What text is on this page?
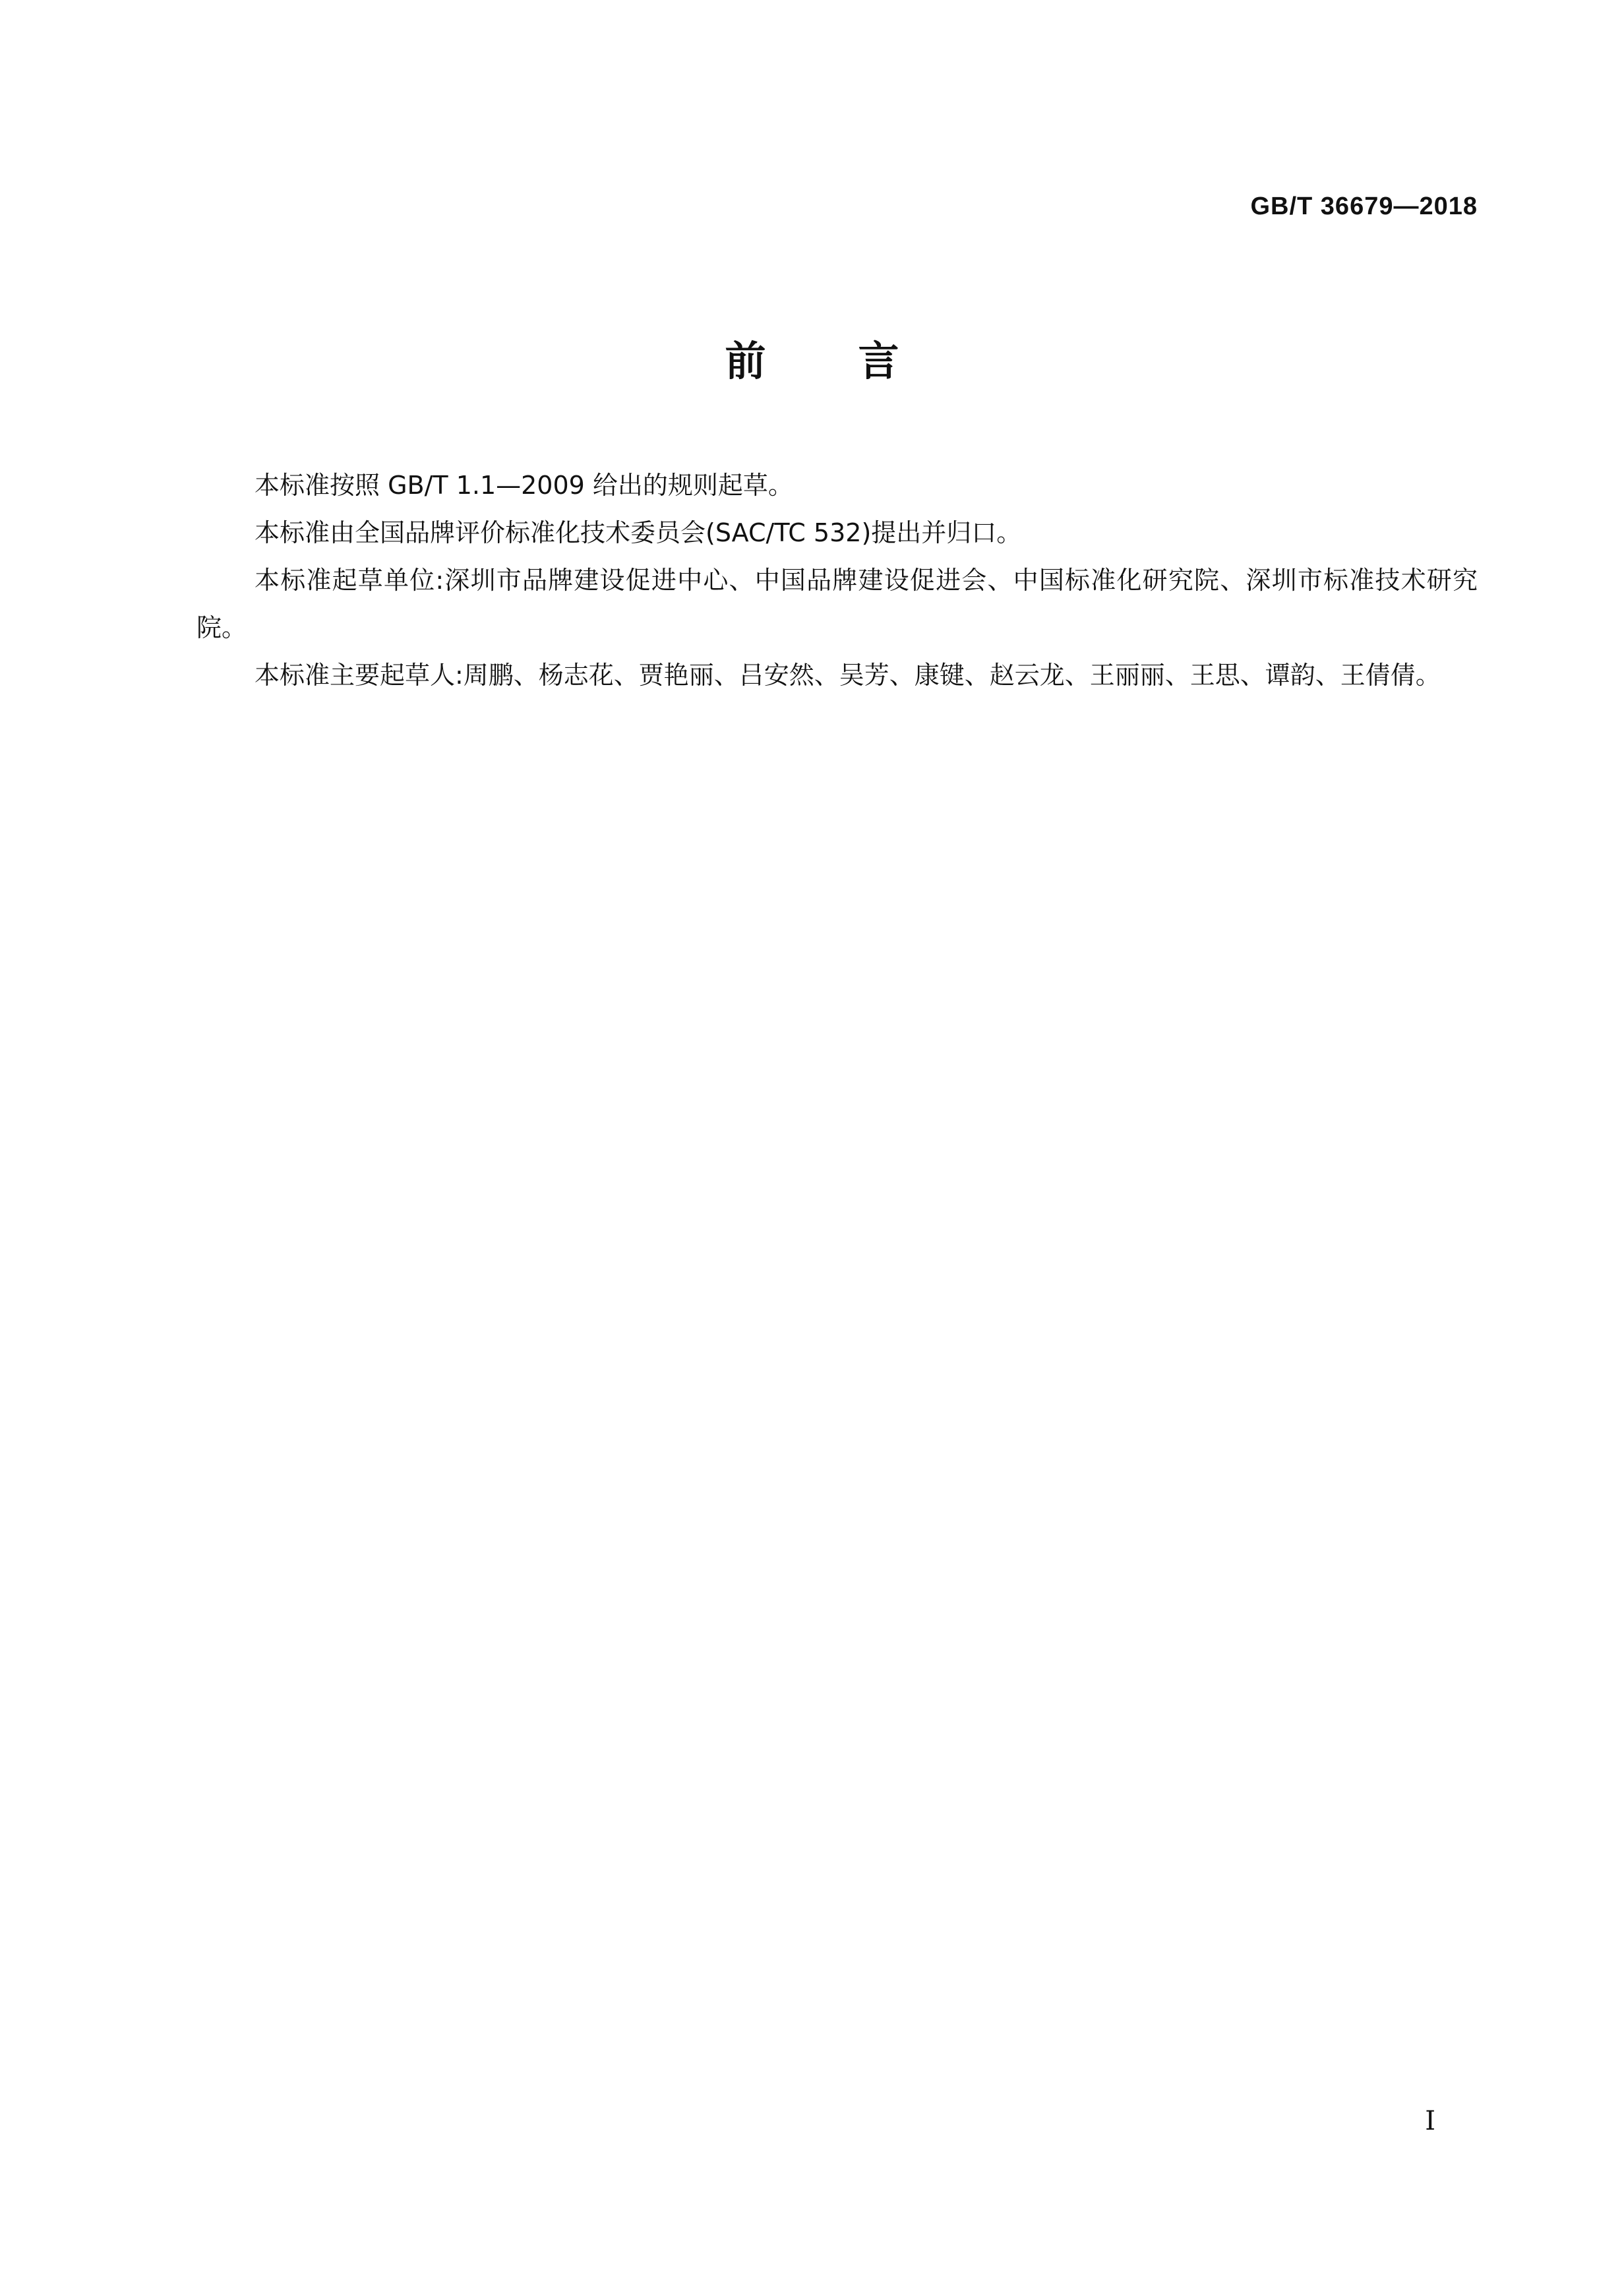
GB/T 36679—2018
前言

本标准按照 GB/T 1.1—2009 给出的规则起草。

本标准由全国品牌评价标准化技术委员会(SAC/TC 532)提出并归口。

本标准起草单位:深圳市品牌建设促进中心、中国品牌建设促进会、中国标准化研究院、深圳市标准技术研究院。

本标准主要起草人:周鹏、杨志花、贾艳丽、吕安然、吴芳、康键、赵云龙、王丽丽、王思、谭韵、王倩倩。

I
